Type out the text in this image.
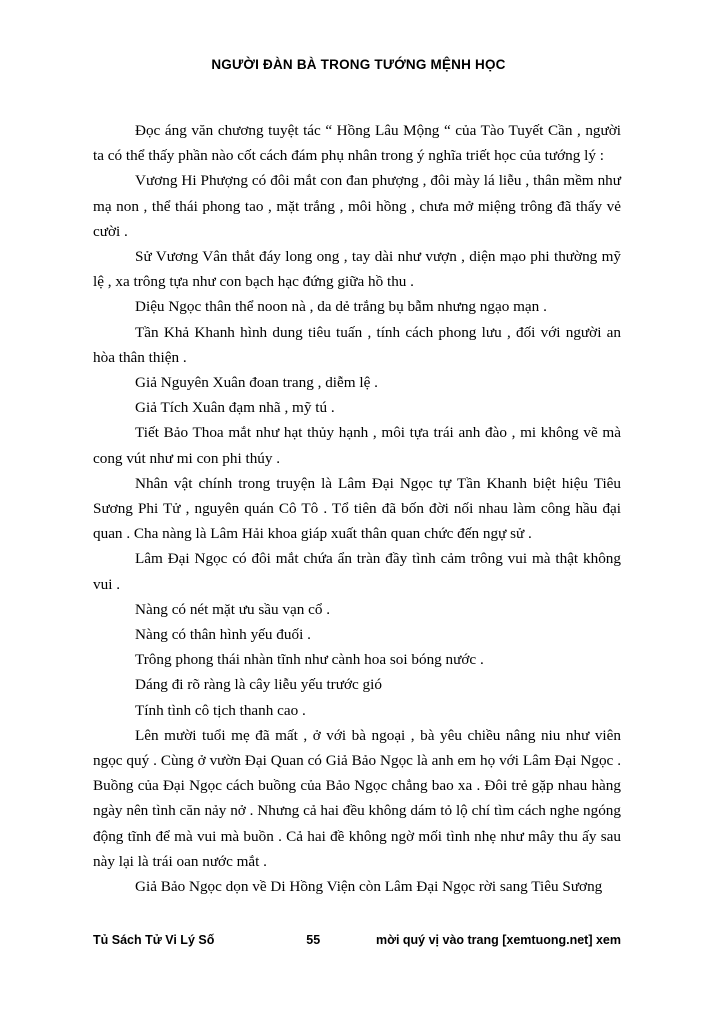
NGƯỜI ĐÀN BÀ TRONG TƯỚNG MỆNH HỌC

Đọc áng văn chương tuyệt tác “ Hồng Lâu Mộng “ của Tào Tuyết Cần , người ta có thể thấy phần nào cốt cách đám phụ nhân trong ý nghĩa triết học của tướng lý :

Vương Hi Phượng có đôi mắt con đan phượng , đôi mày lá liễu , thân mềm như mạ non , thể thái phong tao , mặt trắng , môi hồng , chưa mở miệng trông đã thấy vẻ cười .

Sử Vương Vân thắt đáy long ong , tay dài như vượn , diện mạo phi thường mỹ lệ , xa trông tựa như con bạch hạc đứng giữa hồ thu .

Diệu Ngọc thân thể noon nà , da dẻ trắng bụ bẫm nhưng ngạo mạn .

Tần Khả Khanh hình dung tiêu tuấn , tính cách phong lưu , đối với người an hòa thân thiện .

Giả Nguyên Xuân đoan trang , diễm lệ .

Giả Tích Xuân đạm nhã , mỹ tú .

Tiết Bảo Thoa mắt như hạt thủy hạnh , môi tựa trái anh đào , mi không vẽ mà cong vút như mi con phi thúy .

Nhân vật chính trong truyện là Lâm Đại Ngọc tự Tần Khanh biệt hiệu Tiêu Sương Phi Tử , nguyên quán Cô Tô . Tổ tiên đã bốn đời nối nhau làm công hầu đại quan . Cha nàng là Lâm Hải khoa giáp xuất thân quan chức đến ngự sử .

Lâm Đại Ngọc có đôi mắt chứa ẩn tràn đầy tình cảm trông vui mà thật không vui .

Nàng có nét mặt ưu sầu vạn cổ .

Nàng có thân hình yếu đuối .

Trông phong thái nhàn tĩnh như cành hoa soi bóng nước .

Dáng đi rõ ràng là cây liễu yếu trước gió

Tính tình cô tịch thanh cao .

Lên mười tuổi mẹ đã mất , ở với bà ngoại , bà yêu chiều nâng niu như viên ngọc quý . Cùng ở vườn Đại Quan có Giả Bảo Ngọc là anh em họ với Lâm Đại Ngọc . Buồng của Đại Ngọc cách buồng của Bảo Ngọc chẳng bao xa . Đôi trẻ gặp nhau hàng ngày nên tình căn nảy nở . Nhưng cả hai đều không dám tỏ lộ chí tìm cách nghe ngóng động tĩnh để mà vui mà buồn . Cả hai đề không ngờ mối tình nhẹ như mây thu ấy sau này lại là trái oan nước mắt .

Giả Bảo Ngọc dọn về Di Hồng Viện còn Lâm Đại Ngọc rời sang Tiêu Sương

Tủ Sách Tử Vi Lý Số	55	mời quý vị vào trang [xemtuong.net] xem
